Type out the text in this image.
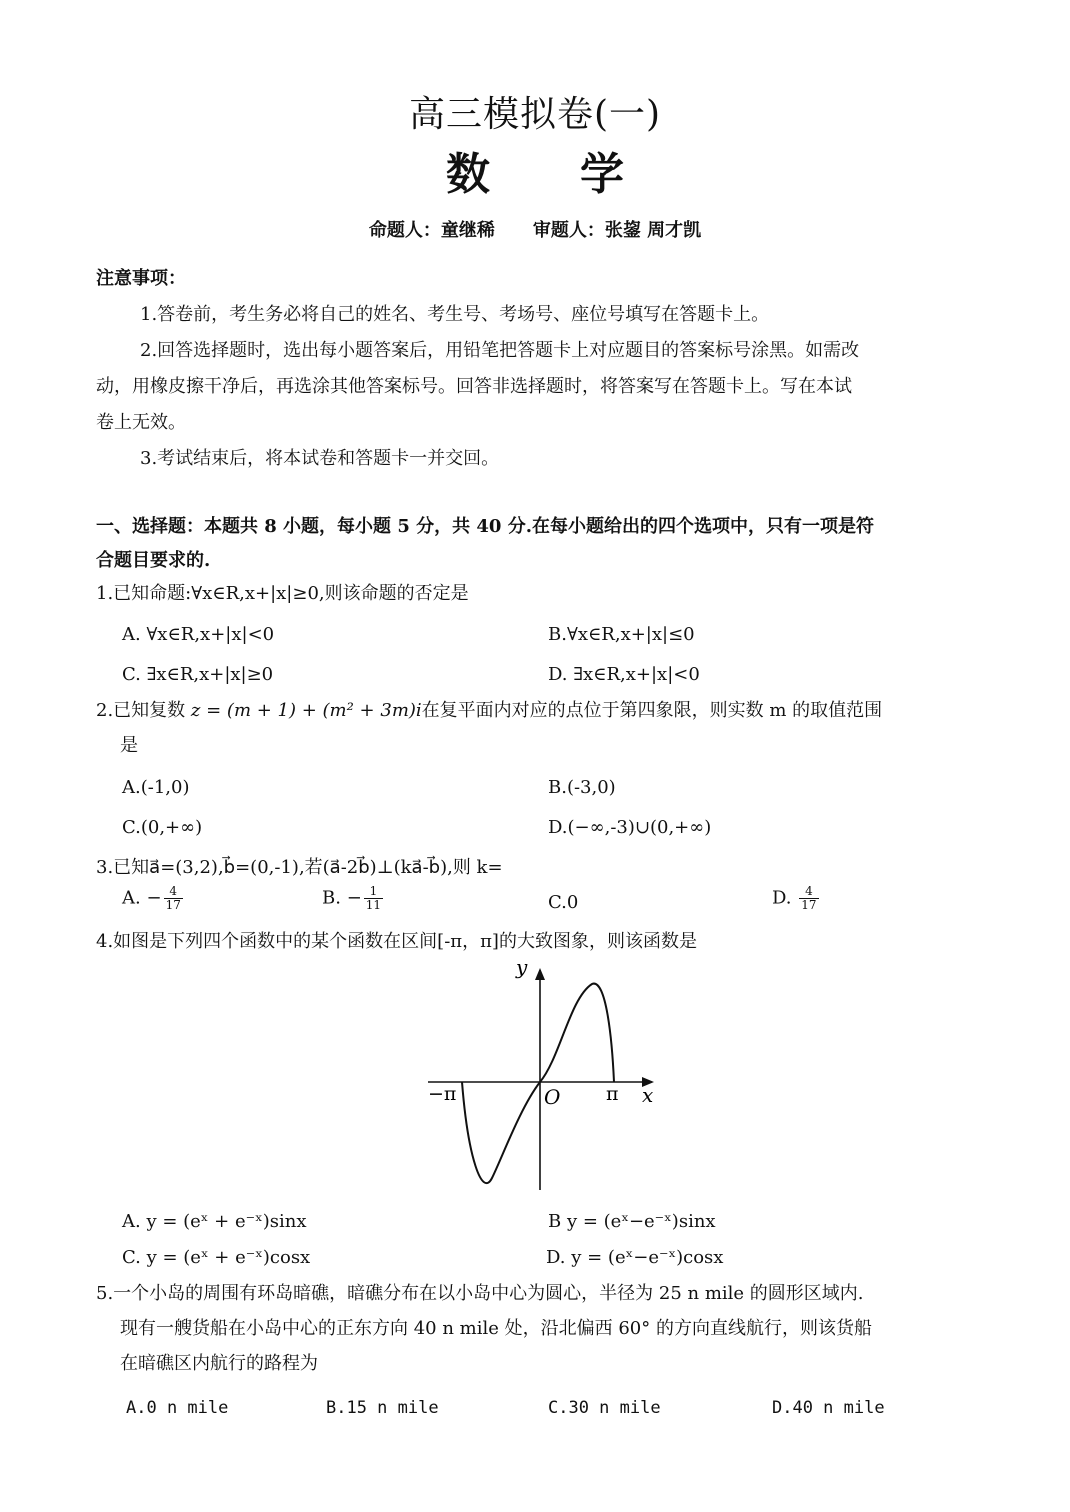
高三模拟卷(一)
数学
命题人：童继稀 审题人：张鋆 周才凯
注意事项：
1.答卷前，考生务必将自己的姓名、考生号、考场号、座位号填写在答题卡上。
2.回答选择题时，选出每小题答案后，用铅笔把答题卡上对应题目的答案标号涂黑。如需改
动，用橡皮擦干净后，再选涂其他答案标号。回答非选择题时，将答案写在答题卡上。写在本试
卷上无效。
3.考试结束后，将本试卷和答题卡一并交回。
一、选择题：本题共 8 小题，每小题 5 分，共 40 分.在每小题给出的四个选项中，只有一项是符
合题目要求的.
1.已知命题:∀x∈R,x+|x|≥0,则该命题的否定是
A. ∀x∈R,x+|x|<0	B.∀x∈R,x+|x|≤0
C. ∃x∈R,x+|x|≥0	D. ∃x∈R,x+|x|<0
2.已知复数 z = (m + 1) + (m² + 3m)i在复平面内对应的点位于第四象限，则实数 m 的取值范围
是
A.(-1,0)	B.(-3,0)
C.(0,+∞)	D.(−∞,-3)∪(0,+∞)
3.已知a⃗=(3,2),b⃗=(0,-1),若(a⃗-2b⃗)⊥(ka⃗-b⃗),则 k=
A. − $\frac{4}{17}$	B. − $\frac{1}{11}$	C.0	D. $\frac{4}{17}$
4.如图是下列四个函数中的某个函数在区间[-π，π]的大致图象，则该函数是
y
x
O
−π	π
A. y = (eˣ + e⁻ˣ)sinx	B y = (eˣ−e⁻ˣ)sinx
C. y = (eˣ + e⁻ˣ)cosx	D. y = (eˣ−e⁻ˣ)cosx
5.一个小岛的周围有环岛暗礁，暗礁分布在以小岛中心为圆心，半径为 25 n mile 的圆形区域内.
现有一艘货船在小岛中心的正东方向 40 n mile 处，沿北偏西 60° 的方向直线航行，则该货船
在暗礁区内航行的路程为
A.0 n mile	B.15 n mile	C.30 n mile	D.40 n mile
